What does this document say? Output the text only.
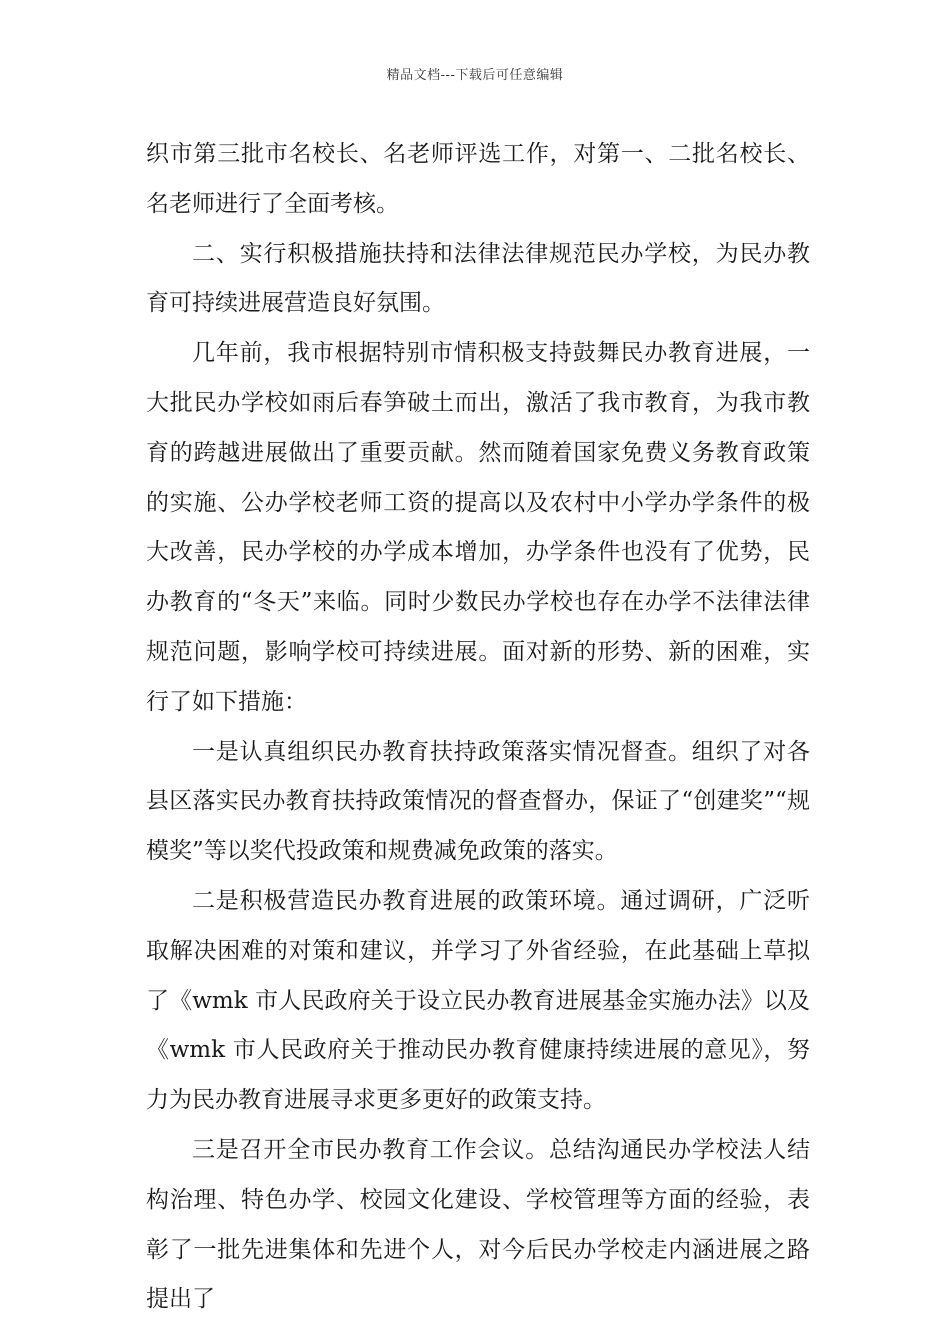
精品文档---下载后可任意编辑

织市第三批市名校长、名老师评选工作，对第一、二批名校长、名老师进行了全面考核。

二、实行积极措施扶持和法律法律规范民办学校，为民办教育可持续进展营造良好氛围。

几年前，我市根据特别市情积极支持鼓舞民办教育进展，一大批民办学校如雨后春笋破土而出，激活了我市教育，为我市教育的跨越进展做出了重要贡献。然而随着国家免费义务教育政策的实施、公办学校老师工资的提高以及农村中小学办学条件的极大改善，民办学校的办学成本增加，办学条件也没有了优势，民办教育的“冬天”来临。同时少数民办学校也存在办学不法律法律规范问题，影响学校可持续进展。面对新的形势、新的困难，实行了如下措施：

一是认真组织民办教育扶持政策落实情况督查。组织了对各县区落实民办教育扶持政策情况的督查督办，保证了“创建奖”“规模奖”等以奖代投政策和规费减免政策的落实。

二是积极营造民办教育进展的政策环境。通过调研，广泛听取解决困难的对策和建议，并学习了外省经验，在此基础上草拟了《wmk 市人民政府关于设立民办教育进展基金实施办法》以及《wmk 市人民政府关于推动民办教育健康持续进展的意见》，努力为民办教育进展寻求更多更好的政策支持。

三是召开全市民办教育工作会议。总结沟通民办学校法人结构治理、特色办学、校园文化建设、学校管理等方面的经验，表彰了一批先进集体和先进个人，对今后民办学校走内涵进展之路提出了
